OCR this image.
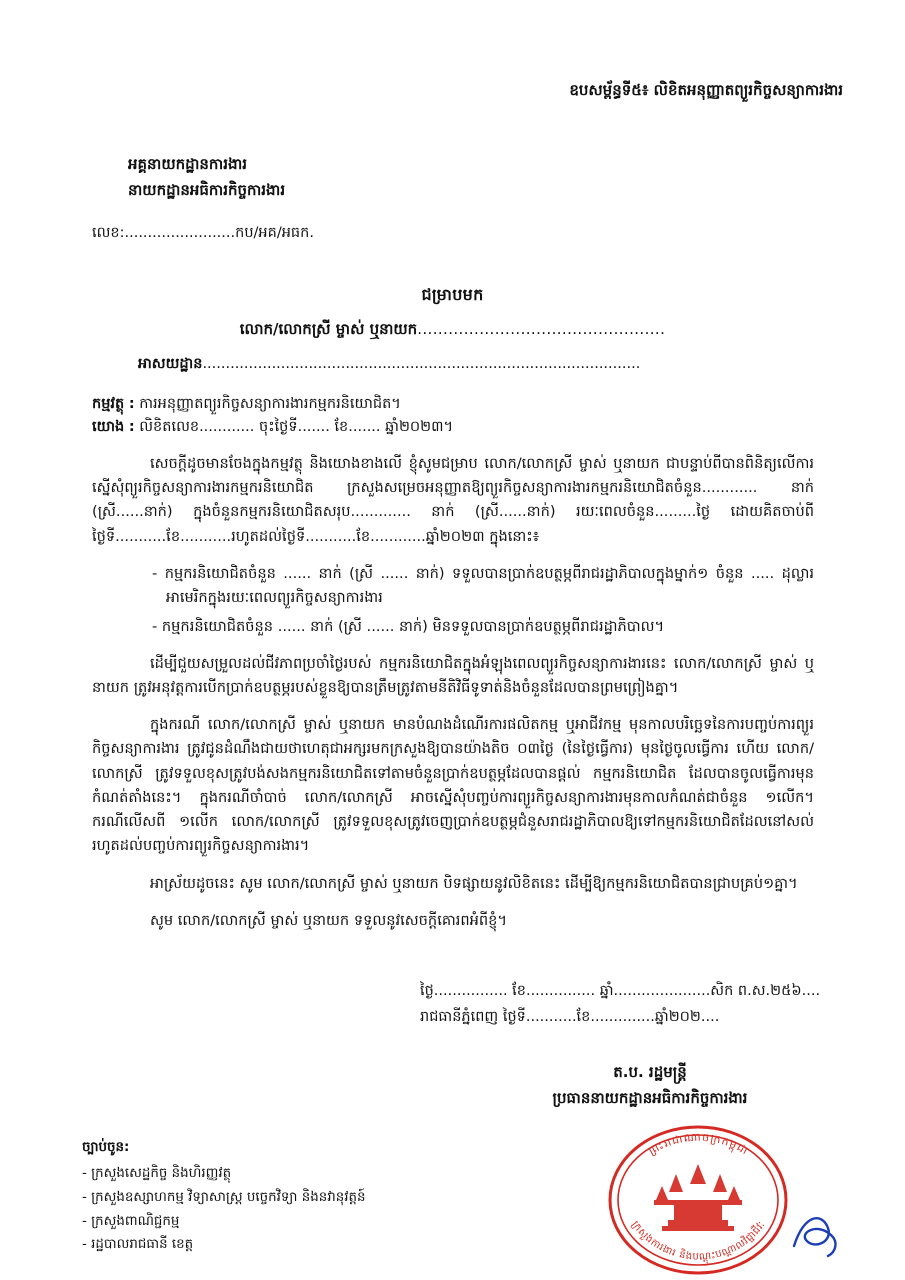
ឧបសម្ព័ន្ធទី៥៖ លិខិតអនុញ្ញាតព្យួរកិច្ចសន្យាការងារ
អគ្គនាយកដ្ឋានការងារ
នាយកដ្ឋានអធិការកិច្ចការងារ
លេខ:........................កប/អគ/អធក.
ជម្រាបមក
លោក/លោកស្រី ម្ចាស់ ឬនាយក................................................
អាសយដ្ឋាន...............................................................................................
កម្មវត្ថុ : ការអនុញ្ញាតព្យួរកិច្ចសន្យាការងារកម្មករនិយោជិត។
យោង : លិខិតលេខ............ ចុះថ្ងៃទី....... ខែ....... ឆ្នាំ២០២៣។

សេចក្តីដូចមានចែងក្នុងកម្មវត្ថុ និងយោងខាងលើ ខ្ញុំសូមជម្រាប លោក/លោកស្រី ម្ចាស់ ឬនាយក ជាបន្ទាប់ពីបានពិនិត្យលើការស្នើសុំព្យួរកិច្ចសន្យាការងារកម្មករនិយោជិត ក្រសួងសម្រេចអនុញ្ញាតឱ្យព្យួរកិច្ចសន្យាការងារកម្មករនិយោជិតចំនួន............ នាក់ (ស្រី......នាក់) ក្នុងចំនួនកម្មករនិយោជិតសរុប............. នាក់ (ស្រី......នាក់) រយៈពេលចំនួន.........ថ្ងៃ ដោយគិតចាប់ពីថ្ងៃទី...........ខែ...........រហូតដល់ថ្ងៃទី...........ខែ............ឆ្នាំ២០២៣ ក្នុងនោះ៖

- កម្មករនិយោជិតចំនួន ...... នាក់ (ស្រី ...... នាក់) ទទួលបានប្រាក់ឧបត្ថម្ភពីរាជរដ្ឋាភិបាលក្នុងម្នាក់១ ចំនួន ..... ដុល្លារអាមេរិកក្នុងរយៈពេលព្យួរកិច្ចសន្យាការងារ
- កម្មករនិយោជិតចំនួន ...... នាក់ (ស្រី ...... នាក់) មិនទទួលបានប្រាក់ឧបត្ថម្ភពីរាជរដ្ឋាភិបាល។

ដើម្បីជួយសម្រួលដល់ជីវភាពប្រចាំថ្ងៃរបស់ កម្មករនិយោជិតក្នុងអំឡុងពេលព្យួរកិច្ចសន្យាការងារនេះ លោក/លោកស្រី ម្ចាស់ ឬនាយក ត្រូវអនុវត្តការបើកប្រាក់ឧបត្ថម្ភរបស់ខ្លួនឱ្យបានត្រឹមត្រូវតាមនីតិវិធីទូទាត់និងចំនួនដែលបានព្រមព្រៀងគ្នា។

ក្នុងករណី លោក/លោកស្រី ម្ចាស់ ឬនាយក មានបំណងដំណើរការផលិតកម្ម ឬអាជីវកម្ម មុនកាលបរិច្ឆេទនៃការបញ្ចប់ការព្យួរកិច្ចសន្យាការងារ ត្រូវជូនដំណឹងជាយថាហេតុជាអក្សរមកក្រសួងឱ្យបានយ៉ាងតិច ០៣ថ្ងៃ (នៃថ្ងៃធ្វើការ) មុនថ្ងៃចូលធ្វើការ ហើយ លោក/លោកស្រី ត្រូវទទួលខុសត្រូវបង់សងកម្មករនិយោជិតទៅតាមចំនួនប្រាក់ឧបត្ថម្ភដែលបានផ្តល់ កម្មករនិយោជិត ដែលបានចូលធ្វើការមុនកំណត់តាំងនេះ។ ក្នុងករណីចាំបាច់ លោក/លោកស្រី អាចស្នើសុំបញ្ចប់ការព្យួរកិច្ចសន្យាការងារមុនកាលកំណត់ជាចំនួន ១លើក។ ករណីលើសពី ១លើក លោក/លោកស្រី ត្រូវទទួលខុសត្រូវចេញប្រាក់ឧបត្ថម្ភជំនួសរាជរដ្ឋាភិបាលឱ្យទៅកម្មករនិយោជិតដែលនៅសល់រហូតដល់បញ្ចប់ការព្យួរកិច្ចសន្យាការងារ។

អាស្រ័យដូចនេះ សូម លោក/លោកស្រី ម្ចាស់ ឬនាយក បិទផ្សាយនូវលិខិតនេះ ដើម្បីឱ្យកម្មករនិយោជិតបានជ្រាបគ្រប់១គ្នា។

សូម លោក/លោកស្រី ម្ចាស់ ឬនាយក ទទួលនូវសេចក្តីគោរពអំពីខ្ញុំ។

ថ្ងៃ................ ខែ............... ឆ្នាំ.....................សិក ព.ស.២៥៦....
រាជធានីភ្នំពេញ ថ្ងៃទី...........ខែ..............ឆ្នាំ២០២....
ត.ប. រដ្ឋមន្ត្រី
ប្រធាននាយកដ្ឋានអធិការកិច្ចការងារ
ព្រះរាជាណាចក្រកម្ពុជា
ក្រសួងការងារ និងបណ្តុះបណ្តាលវិជ្ជាជីវៈ
ច្បាប់ចូន:
- ក្រសួងសេដ្ឋកិច្ច និងហិរញ្ញវត្ថុ
- ក្រសួងឧស្សាហកម្ម វិទ្យាសាស្ត្រ បច្ចេកវិទ្យា និងនវានុវត្តន៍
- ក្រសួងពាណិជ្ជកម្ម
- រដ្ឋបាលរាជធានី ខេត្ត
